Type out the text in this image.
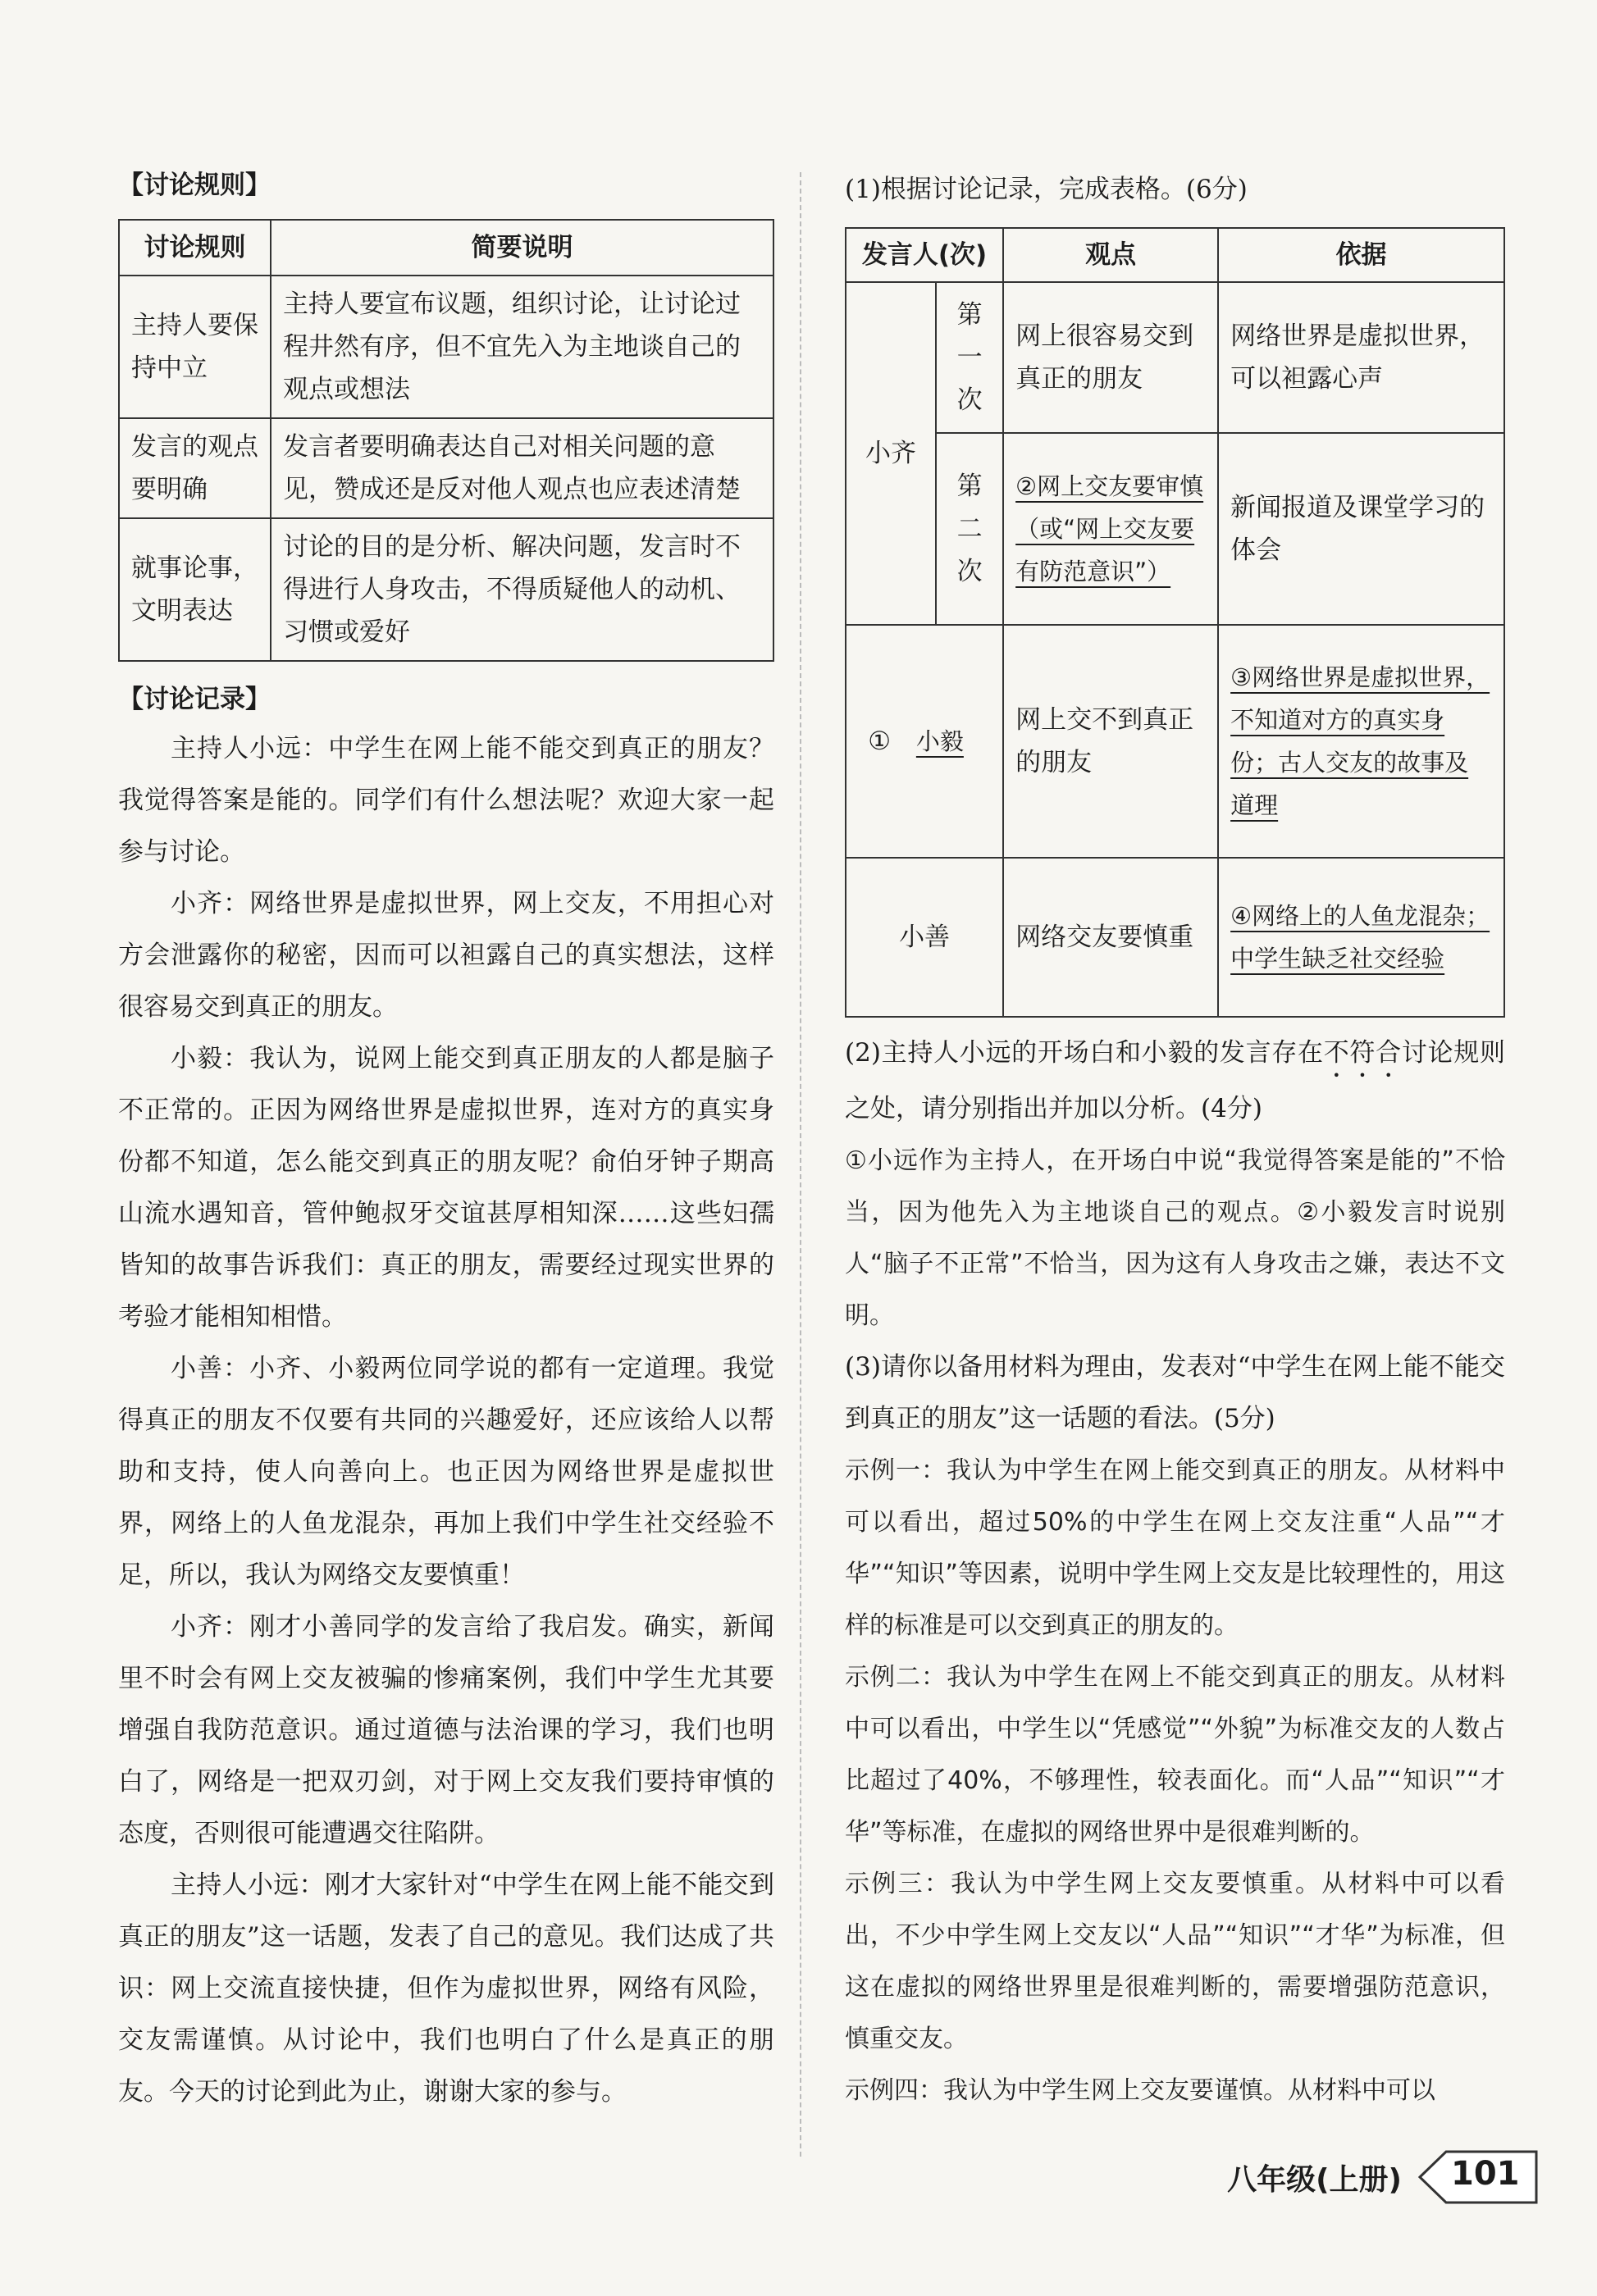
【讨论规则】
讨论规则	简要说明
主持人要保持中立	主持人要宣布议题，组织讨论，让讨论过程井然有序，但不宜先入为主地谈自己的观点或想法
发言的观点要明确	发言者要明确表达自己对相关问题的意见，赞成还是反对他人观点也应表述清楚
就事论事，文明表达	讨论的目的是分析、解决问题，发言时不得进行人身攻击，不得质疑他人的动机、习惯或爱好
【讨论记录】

主持人小远：中学生在网上能不能交到真正的朋友？我觉得答案是能的。同学们有什么想法呢？欢迎大家一起参与讨论。

小齐：网络世界是虚拟世界，网上交友，不用担心对方会泄露你的秘密，因而可以袒露自己的真实想法，这样很容易交到真正的朋友。

小毅：我认为，说网上能交到真正朋友的人都是脑子不正常的。正因为网络世界是虚拟世界，连对方的真实身份都不知道，怎么能交到真正的朋友呢？俞伯牙钟子期高山流水遇知音，管仲鲍叔牙交谊甚厚相知深……这些妇孺皆知的故事告诉我们：真正的朋友，需要经过现实世界的考验才能相知相惜。

小善：小齐、小毅两位同学说的都有一定道理。我觉得真正的朋友不仅要有共同的兴趣爱好，还应该给人以帮助和支持，使人向善向上。也正因为网络世界是虚拟世界，网络上的人鱼龙混杂，再加上我们中学生社交经验不足，所以，我认为网络交友要慎重！

小齐：刚才小善同学的发言给了我启发。确实，新闻里不时会有网上交友被骗的惨痛案例，我们中学生尤其要增强自我防范意识。通过道德与法治课的学习，我们也明白了，网络是一把双刃剑，对于网上交友我们要持审慎的态度，否则很可能遭遇交往陷阱。

主持人小远：刚才大家针对“中学生在网上能不能交到真正的朋友”这一话题，发表了自己的意见。我们达成了共识：网上交流直接快捷，但作为虚拟世界，网络有风险，交友需谨慎。从讨论中，我们也明白了什么是真正的朋友。今天的讨论到此为止，谢谢大家的参与。

(1)根据讨论记录，完成表格。(6分)
发言人(次)		观点	依据
小齐	第一次	网上很容易交到真正的朋友	网络世界是虚拟世界，可以袒露心声
	第二次	②网上交友要审慎（或“网上交友要有防范意识”）	新闻报道及课堂学习的体会
① 小毅		网上交不到真正的朋友	③网络世界是虚拟世界，不知道对方的真实身份；古人交友的故事及道理
小善		网络交友要慎重	④网络上的人鱼龙混杂；中学生缺乏社交经验
(2)主持人小远的开场白和小毅的发言存在不符合讨论规则之处，请分别指出并加以分析。(4分)
①小远作为主持人，在开场白中说“我觉得答案是能的”不恰当，因为他先入为主地谈自己的观点。②小毅发言时说别人“脑子不正常”不恰当，因为这有人身攻击之嫌，表达不文明。
(3)请你以备用材料为理由，发表对“中学生在网上能不能交到真正的朋友”这一话题的看法。(5分)
示例一：我认为中学生在网上能交到真正的朋友。从材料中可以看出，超过50%的中学生在网上交友注重“人品”“才华”“知识”等因素，说明中学生网上交友是比较理性的，用这样的标准是可以交到真正的朋友的。
示例二：我认为中学生在网上不能交到真正的朋友。从材料中可以看出，中学生以“凭感觉”“外貌”为标准交友的人数占比超过了40%，不够理性，较表面化。而“人品”“知识”“才华”等标准，在虚拟的网络世界中是很难判断的。
示例三：我认为中学生网上交友要慎重。从材料中可以看出，不少中学生网上交友以“人品”“知识”“才华”为标准，但这在虚拟的网络世界里是很难判断的，需要增强防范意识，慎重交友。
示例四：我认为中学生网上交友要谨慎。从材料中可以
八年级(上册) 101
